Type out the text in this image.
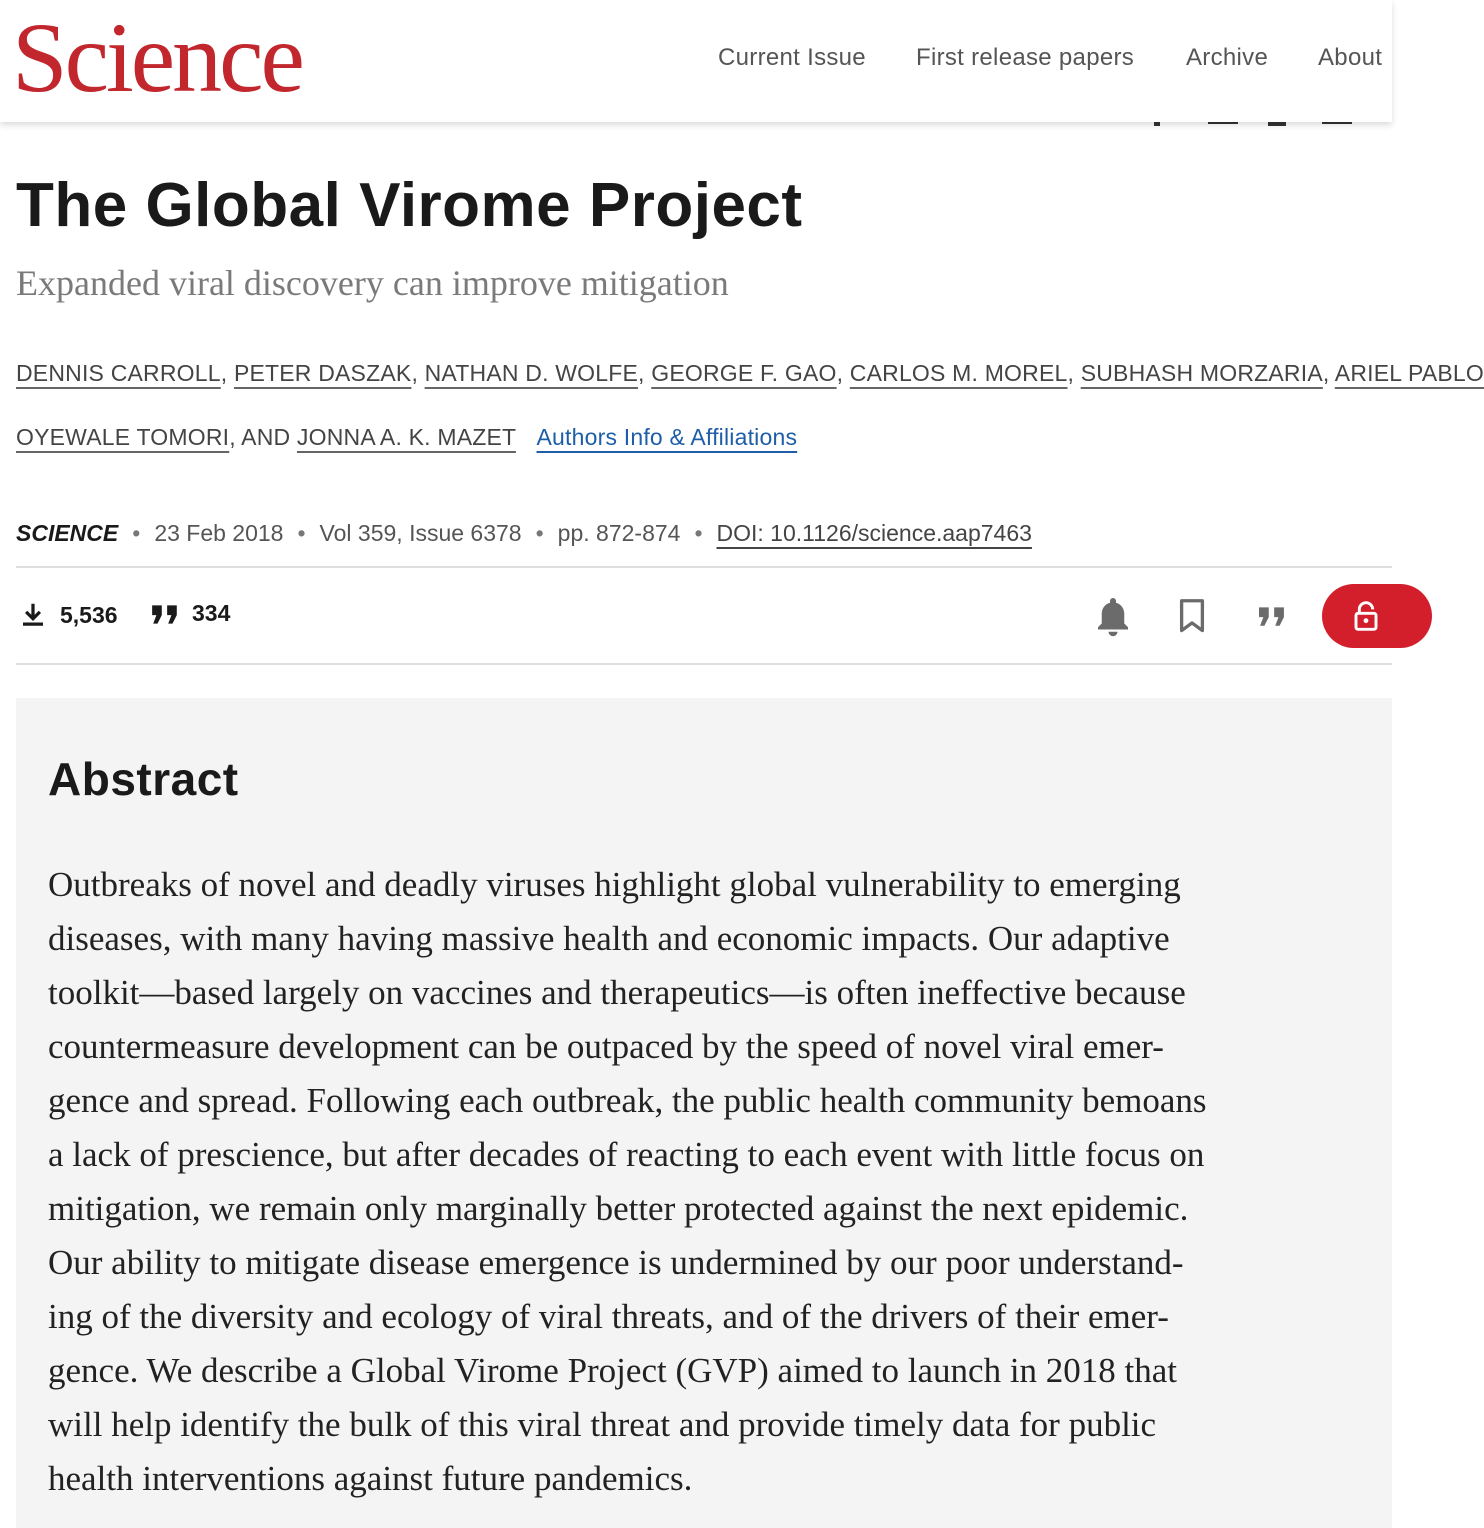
Science	Current Issue First release papers Archive About
The Global Virome Project
Expanded viral discovery can improve mitigation
DENNIS CARROLL, PETER DASZAK, NATHAN D. WOLFE, GEORGE F. GAO, CARLOS M. MOREL, SUBHASH MORZARIA, ARIEL PABLO
OYEWALE TOMORI, AND JONNA A. K. MAZET Authors Info & Affiliations
SCIENCE • 23 Feb 2018 • Vol 359, Issue 6378 • pp. 872-874 • DOI: 10.1126/science.aap7463
5,536	334
Abstract
Outbreaks of novel and deadly viruses highlight global vulnerability to emerging
diseases, with many having massive health and economic impacts. Our adaptive
toolkit—based largely on vaccines and therapeutics—is often ineffective because
countermeasure development can be outpaced by the speed of novel viral emer-
gence and spread. Following each outbreak, the public health community bemoans
a lack of prescience, but after decades of reacting to each event with little focus on
mitigation, we remain only marginally better protected against the next epidemic.
Our ability to mitigate disease emergence is undermined by our poor understand-
ing of the diversity and ecology of viral threats, and of the drivers of their emer-
gence. We describe a Global Virome Project (GVP) aimed to launch in 2018 that
will help identify the bulk of this viral threat and provide timely data for public
health interventions against future pandemics.
